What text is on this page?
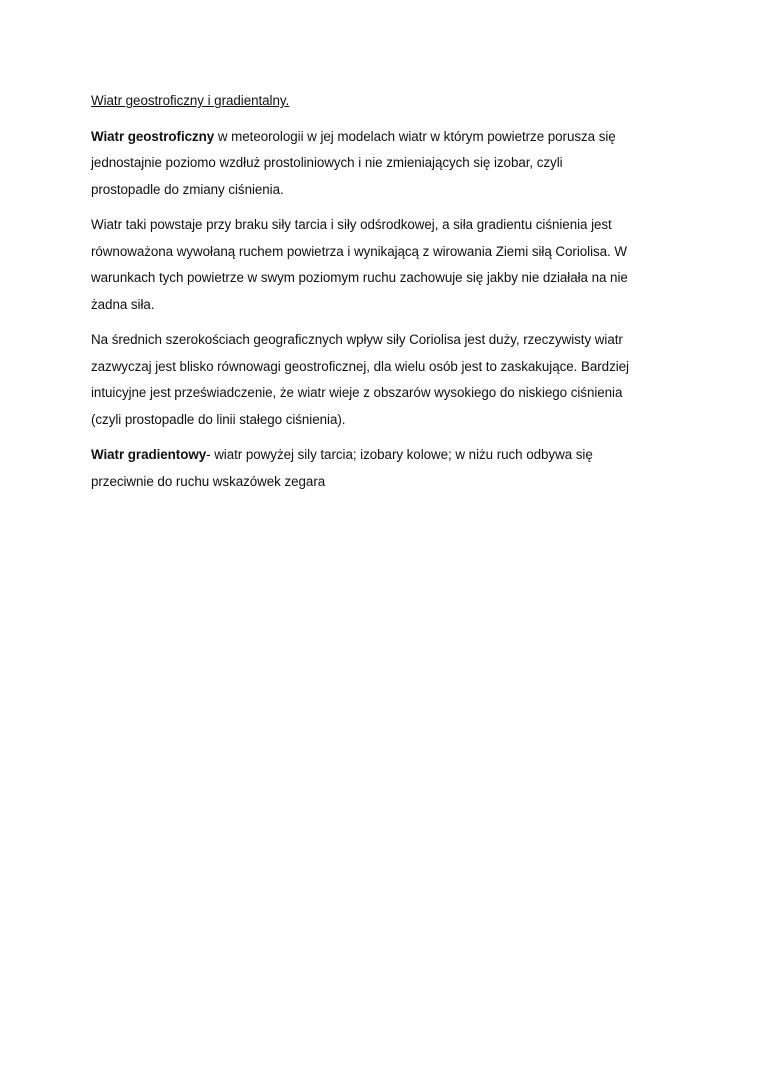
Wiatr geostroficzny i gradientalny.

Wiatr geostroficzny w meteorologii w jej modelach wiatr w którym powietrze porusza się
jednostajnie poziomo wzdłuż prostoliniowych i nie zmieniających się izobar, czyli
prostopadle do zmiany ciśnienia.

Wiatr taki powstaje przy braku siły tarcia i siły odśrodkowej, a siła gradientu ciśnienia jest
równoważona wywołaną ruchem powietrza i wynikającą z wirowania Ziemi siłą Coriolisa. W
warunkach tych powietrze w swym poziomym ruchu zachowuje się jakby nie działała na nie
żadna siła.

Na średnich szerokościach geograficznych wpływ siły Coriolisa jest duży, rzeczywisty wiatr
zazwyczaj jest blisko równowagi geostroficznej, dla wielu osób jest to zaskakujące. Bardziej
intuicyjne jest przeświadczenie, że wiatr wieje z obszarów wysokiego do niskiego ciśnienia
(czyli prostopadle do linii stałego ciśnienia).

Wiatr gradientowy- wiatr powyżej sily tarcia; izobary kolowe; w niżu ruch odbywa się
przeciwnie do ruchu wskazówek zegara
